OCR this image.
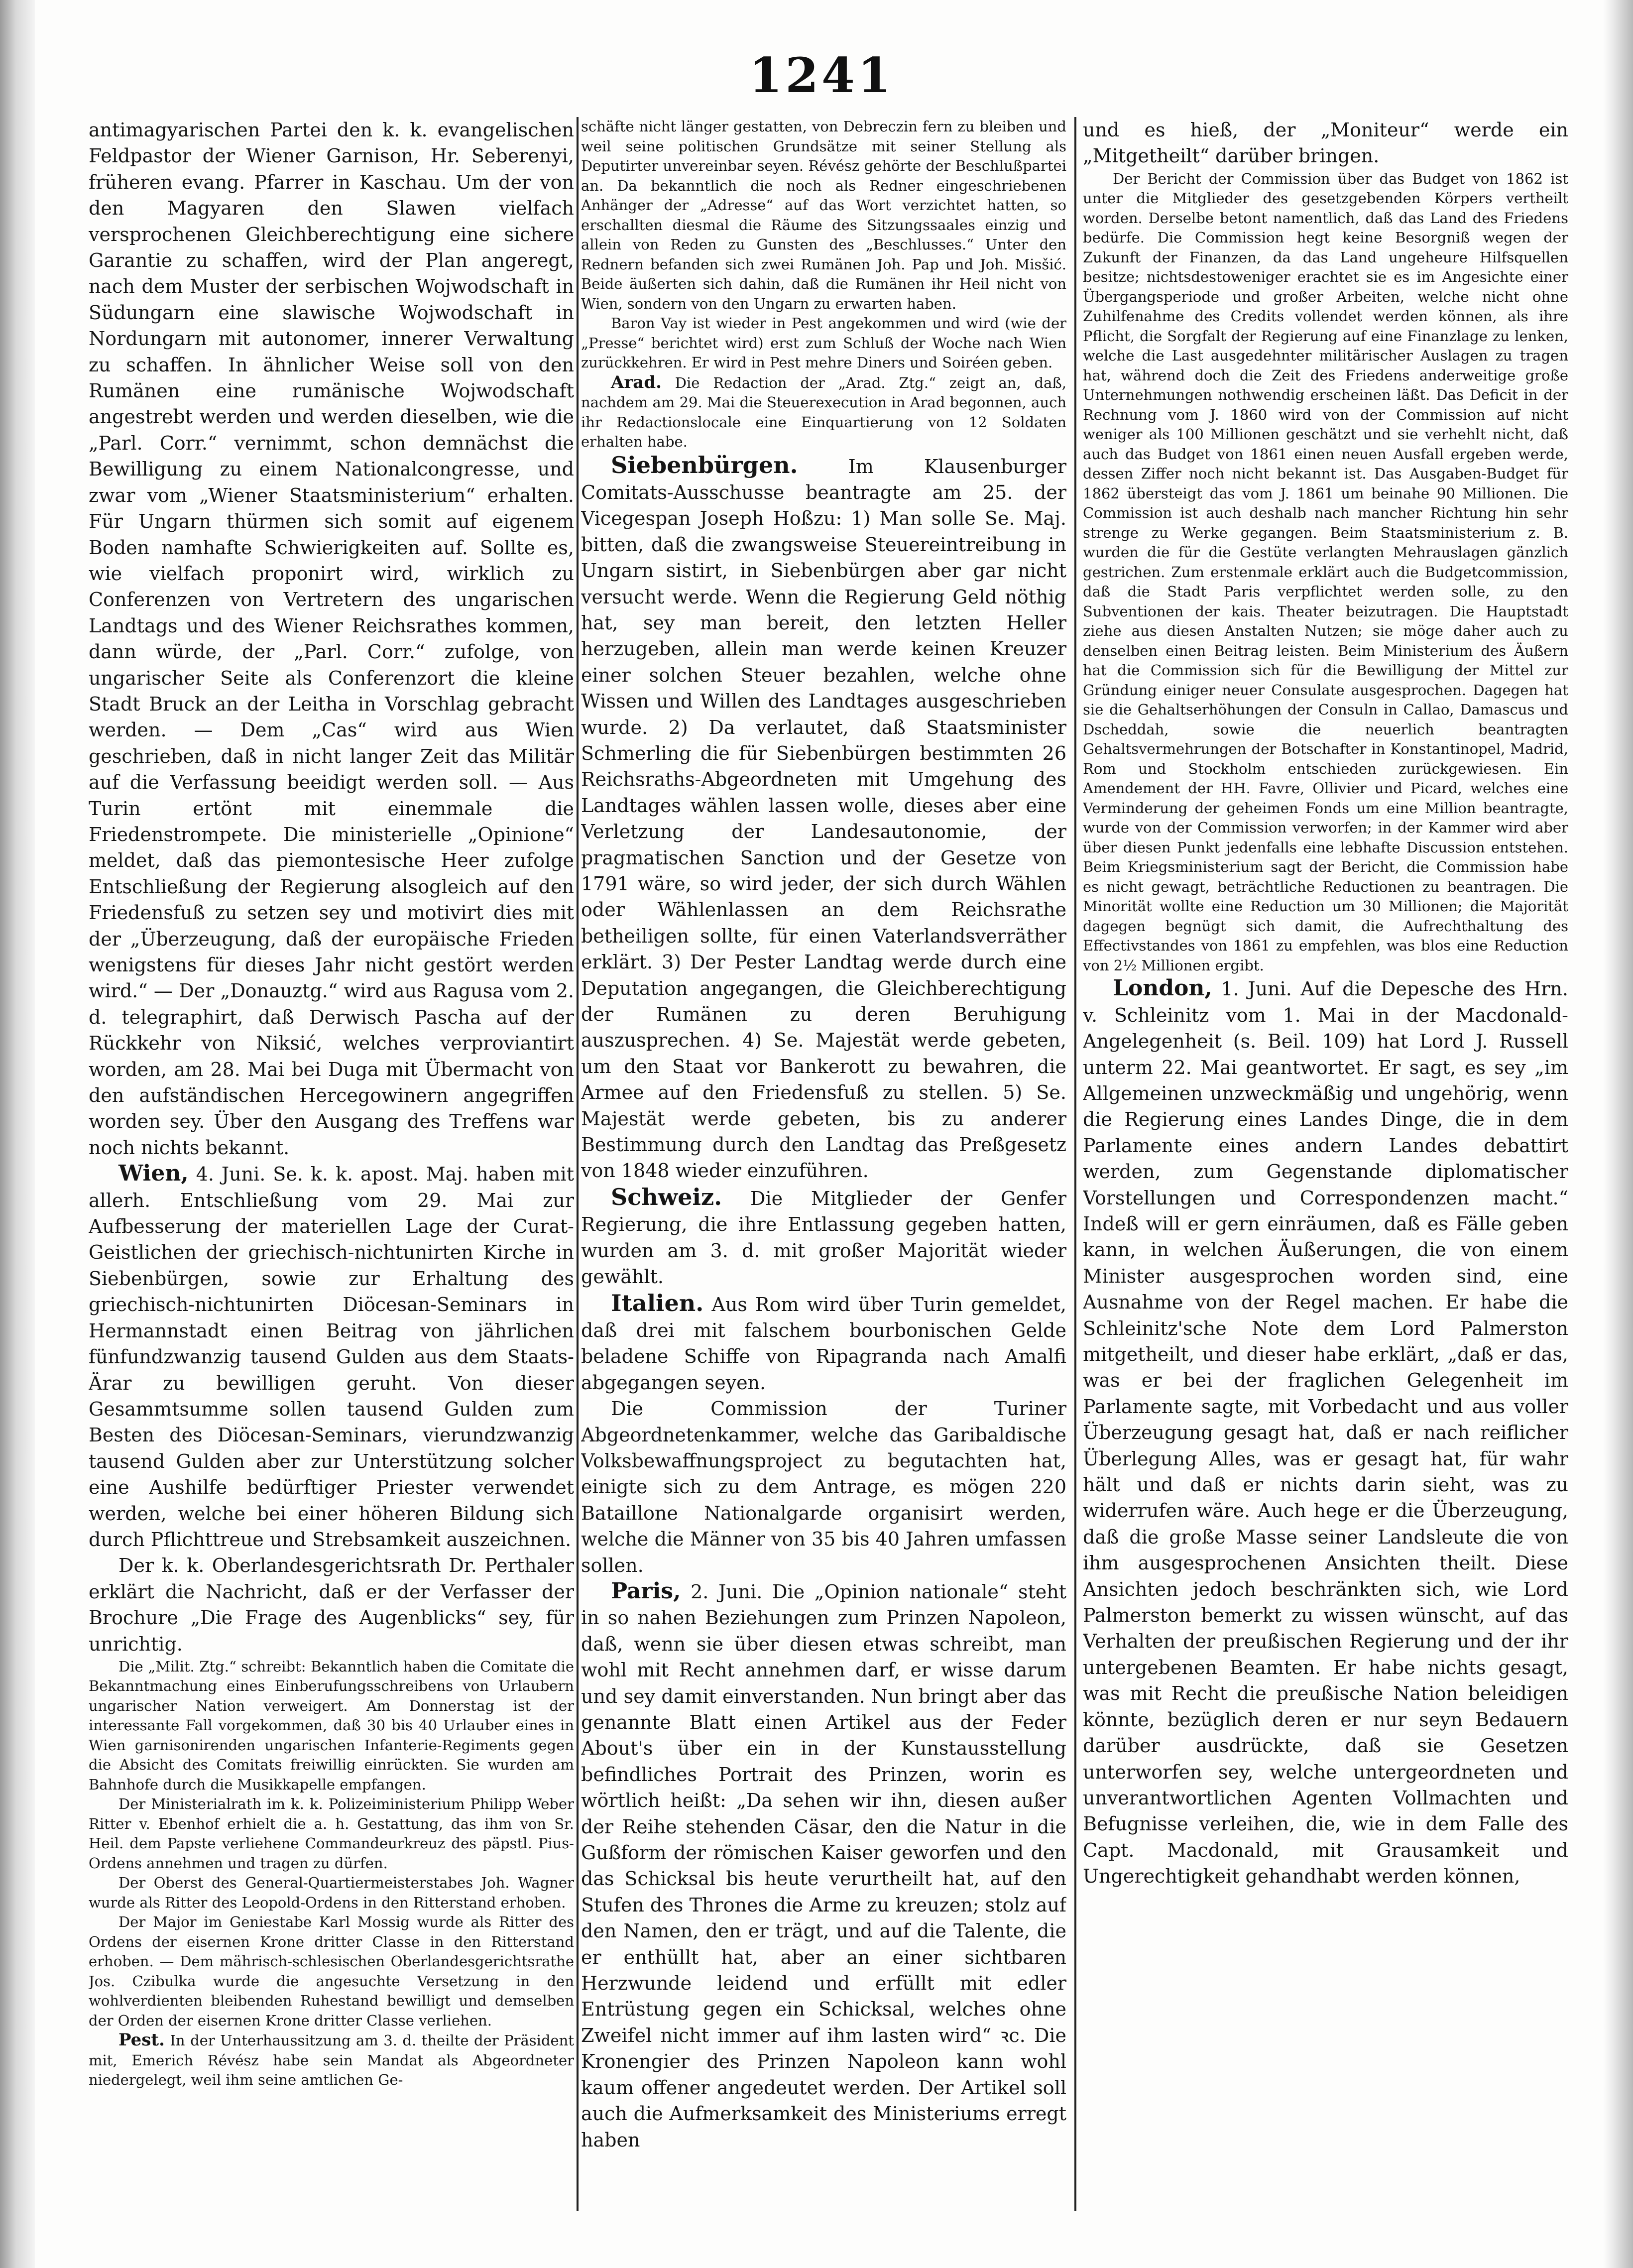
1241

antimagyarischen Partei den k. k. evangelischen Feldpastor der Wiener Garnison, Hr. Seberenyi, früheren evang. Pfarrer in Kaschau. Um der von den Magyaren den Slawen vielfach versprochenen Gleichberechtigung eine sichere Garantie zu schaffen, wird der Plan angeregt, nach dem Muster der serbischen Wojwodschaft in Südungarn eine slawische Wojwodschaft in Nordungarn mit autonomer, innerer Verwaltung zu schaffen. In ähnlicher Weise soll von den Rumänen eine rumänische Wojwodschaft angestrebt werden und werden dieselben, wie die „Parl. Corr.“ vernimmt, schon demnächst die Bewilligung zu einem Nationalcongresse, und zwar vom „Wiener Staatsministerium“ erhalten. Für Ungarn thürmen sich somit auf eigenem Boden namhafte Schwierigkeiten auf. Sollte es, wie vielfach proponirt wird, wirklich zu Conferenzen von Vertretern des ungarischen Landtags und des Wiener Reichsrathes kommen, dann würde, der „Parl. Corr.“ zufolge, von ungarischer Seite als Conferenzort die kleine Stadt Bruck an der Leitha in Vorschlag gebracht werden. — Dem „Cas“ wird aus Wien geschrieben, daß in nicht langer Zeit das Militär auf die Verfassung beeidigt werden soll. — Aus Turin ertönt mit einemmale die Friedenstrompete. Die ministerielle „Opinione“ meldet, daß das piemontesische Heer zufolge Entschließung der Regierung alsogleich auf den Friedensfuß zu setzen sey und motivirt dies mit der „Überzeugung, daß der europäische Frieden wenigstens für dieses Jahr nicht gestört werden wird.“ — Der „Donauztg.“ wird aus Ragusa vom 2. d. telegraphirt, daß Derwisch Pascha auf der Rückkehr von Niksić, welches verproviantirt worden, am 28. Mai bei Duga mit Übermacht von den aufständischen Hercegowinern angegriffen worden sey. Über den Ausgang des Treffens war noch nichts bekannt.

Wien, 4. Juni. Se. k. k. apost. Maj. haben mit allerh. Entschließung vom 29. Mai zur Aufbesserung der materiellen Lage der Curat-Geistlichen der griechisch-nichtunirten Kirche in Siebenbürgen, sowie zur Erhaltung des griechisch-nichtunirten Diöcesan-Seminars in Hermannstadt einen Beitrag von jährlichen fünfundzwanzig tausend Gulden aus dem Staats-Ärar zu bewilligen geruht. Von dieser Gesammtsumme sollen tausend Gulden zum Besten des Diöcesan-Seminars, vierundzwanzig tausend Gulden aber zur Unterstützung solcher eine Aushilfe bedürftiger Priester verwendet werden, welche bei einer höheren Bildung sich durch Pflichttreue und Strebsamkeit auszeichnen.

Der k. k. Oberlandesgerichtsrath Dr. Perthaler erklärt die Nachricht, daß er der Verfasser der Brochure „Die Frage des Augenblicks“ sey, für unrichtig.

Die „Milit. Ztg.“ schreibt: Bekanntlich haben die Comitate die Bekanntmachung eines Einberufungsschreibens von Urlaubern ungarischer Nation verweigert. Am Donnerstag ist der interessante Fall vorgekommen, daß 30 bis 40 Urlauber eines in Wien garnisonirenden ungarischen Infanterie-Regiments gegen die Absicht des Comitats freiwillig einrückten. Sie wurden am Bahnhofe durch die Musikkapelle empfangen.

Der Ministerialrath im k. k. Polizeiministerium Philipp Weber Ritter v. Ebenhof erhielt die a. h. Gestattung, das ihm von Sr. Heil. dem Papste verliehene Commandeurkreuz des päpstl. Pius-Ordens annehmen und tragen zu dürfen.

Der Oberst des General-Quartiermeisterstabes Joh. Wagner wurde als Ritter des Leopold-Ordens in den Ritterstand erhoben.

Der Major im Geniestabe Karl Mossig wurde als Ritter des Ordens der eisernen Krone dritter Classe in den Ritterstand erhoben. — Dem mährisch-schlesischen Oberlandesgerichtsrathe Jos. Czibulka wurde die angesuchte Versetzung in den wohlverdienten bleibenden Ruhestand bewilligt und demselben der Orden der eisernen Krone dritter Classe verliehen.

Pest. In der Unterhaussitzung am 3. d. theilte der Präsident mit, Emerich Révész habe sein Mandat als Abgeordneter niedergelegt, weil ihm seine amtlichen Ge-

schäfte nicht länger gestatten, von Debreczin fern zu bleiben und weil seine politischen Grundsätze mit seiner Stellung als Deputirter unvereinbar seyen. Révész gehörte der Beschlußpartei an. Da bekanntlich die noch als Redner eingeschriebenen Anhänger der „Adresse“ auf das Wort verzichtet hatten, so erschallten diesmal die Räume des Sitzungssaales einzig und allein von Reden zu Gunsten des „Beschlusses.“ Unter den Rednern befanden sich zwei Rumänen Joh. Pap und Joh. Misšić. Beide äußerten sich dahin, daß die Rumänen ihr Heil nicht von Wien, sondern von den Ungarn zu erwarten haben.

Baron Vay ist wieder in Pest angekommen und wird (wie der „Presse“ berichtet wird) erst zum Schluß der Woche nach Wien zurückkehren. Er wird in Pest mehre Diners und Soiréen geben.

Arad. Die Redaction der „Arad. Ztg.“ zeigt an, daß, nachdem am 29. Mai die Steuerexecution in Arad begonnen, auch ihr Redactionslocale eine Einquartierung von 12 Soldaten erhalten habe.

Siebenbürgen.	Im Klausenburger Comitats-Ausschusse beantragte am 25. der Vicegespan Joseph Hoßzu: 1) Man solle Se. Maj. bitten, daß die zwangsweise Steuereintreibung in Ungarn sistirt, in Siebenbürgen aber gar nicht versucht werde. Wenn die Regierung Geld nöthig hat, sey man bereit, den letzten Heller herzugeben, allein man werde keinen Kreuzer einer solchen Steuer bezahlen, welche ohne Wissen und Willen des Landtages ausgeschrieben wurde. 2) Da verlautet, daß Staatsminister Schmerling die für Siebenbürgen bestimmten 26 Reichsraths-Abgeordneten mit Umgehung des Landtages wählen lassen wolle, dieses aber eine Verletzung der Landesautonomie, der pragmatischen Sanction und der Gesetze von 1791 wäre, so wird jeder, der sich durch Wählen oder Wählenlassen an dem Reichsrathe betheiligen sollte, für einen Vaterlandsverräther erklärt. 3) Der Pester Landtag werde durch eine Deputation angegangen, die Gleichberechtigung der Rumänen zu deren Beruhigung auszusprechen. 4) Se. Majestät werde gebeten, um den Staat vor Bankerott zu bewahren, die Armee auf den Friedensfuß zu stellen. 5) Se. Majestät werde gebeten, bis zu anderer Bestimmung durch den Landtag das Preßgesetz von 1848 wieder einzuführen.

Schweiz. Die Mitglieder der Genfer Regierung, die ihre Entlassung gegeben hatten, wurden am 3. d. mit großer Majorität wieder gewählt.

Italien. Aus Rom wird über Turin gemeldet, daß drei mit falschem bourbonischen Gelde beladene Schiffe von Ripagranda nach Amalfi abgegangen seyen.

Die Commission der Turiner Abgeordnetenkammer, welche das Garibaldische Volksbewaffnungsproject zu begutachten hat, einigte sich zu dem Antrage, es mögen 220 Bataillone Nationalgarde organisirt werden, welche die Männer von 35 bis 40 Jahren umfassen sollen.

Paris, 2. Juni. Die „Opinion nationale“ steht in so nahen Beziehungen zum Prinzen Napoleon, daß, wenn sie über diesen etwas schreibt, man wohl mit Recht annehmen darf, er wisse darum und sey damit einverstanden. Nun bringt aber das genannte Blatt einen Artikel aus der Feder About's über ein in der Kunstausstellung befindliches Portrait des Prinzen, worin es wörtlich heißt: „Da sehen wir ihn, diesen außer der Reihe stehenden Cäsar, den die Natur in die Gußform der römischen Kaiser geworfen und den das Schicksal bis heute verurtheilt hat, auf den Stufen des Thrones die Arme zu kreuzen; stolz auf den Namen, den er trägt, und auf die Talente, die er enthüllt hat, aber an einer sichtbaren Herzwunde leidend und erfüllt mit edler Entrüstung gegen ein Schicksal, welches ohne Zweifel nicht immer auf ihm lasten wird“ ꝛc. Die Kronengier des Prinzen Napoleon kann wohl kaum offener angedeutet werden. Der Artikel soll auch die Aufmerksamkeit des Ministeriums erregt haben

und es hieß, der „Moniteur“ werde ein „Mitgetheilt“ darüber bringen.

Der Bericht der Commission über das Budget von 1862 ist unter die Mitglieder des gesetzgebenden Körpers vertheilt worden. Derselbe betont namentlich, daß das Land des Friedens bedürfe. Die Commission hegt keine Besorgniß wegen der Zukunft der Finanzen, da das Land ungeheure Hilfsquellen besitze; nichtsdestoweniger erachtet sie es im Angesichte einer Übergangsperiode und großer Arbeiten, welche nicht ohne Zuhilfenahme des Credits vollendet werden können, als ihre Pflicht, die Sorgfalt der Regierung auf eine Finanzlage zu lenken, welche die Last ausgedehnter militärischer Auslagen zu tragen hat, während doch die Zeit des Friedens anderweitige große Unternehmungen nothwendig erscheinen läßt. Das Deficit in der Rechnung vom J. 1860 wird von der Commission auf nicht weniger als 100 Millionen geschätzt und sie verhehlt nicht, daß auch das Budget von 1861 einen neuen Ausfall ergeben werde, dessen Ziffer noch nicht bekannt ist. Das Ausgaben-Budget für 1862 übersteigt das vom J. 1861 um beinahe 90 Millionen. Die Commission ist auch deshalb nach mancher Richtung hin sehr strenge zu Werke gegangen. Beim Staatsministerium z. B. wurden die für die Gestüte verlangten Mehrauslagen gänzlich gestrichen. Zum erstenmale erklärt auch die Budgetcommission, daß die Stadt Paris verpflichtet werden solle, zu den Subventionen der kais. Theater beizutragen. Die Hauptstadt ziehe aus diesen Anstalten Nutzen; sie möge daher auch zu denselben einen Beitrag leisten. Beim Ministerium des Äußern hat die Commission sich für die Bewilligung der Mittel zur Gründung einiger neuer Consulate ausgesprochen. Dagegen hat sie die Gehaltserhöhungen der Consuln in Callao, Damascus und Dscheddah, sowie die neuerlich beantragten Gehaltsvermehrungen der Botschafter in Konstantinopel, Madrid, Rom und Stockholm entschieden zurückgewiesen. Ein Amendement der HH. Favre, Ollivier und Picard, welches eine Verminderung der geheimen Fonds um eine Million beantragte, wurde von der Commission verworfen; in der Kammer wird aber über diesen Punkt jedenfalls eine lebhafte Discussion entstehen. Beim Kriegsministerium sagt der Bericht, die Commission habe es nicht gewagt, beträchtliche Reductionen zu beantragen. Die Minorität wollte eine Reduction um 30 Millionen; die Majorität dagegen begnügt sich damit, die Aufrechthaltung des Effectivstandes von 1861 zu empfehlen, was blos eine Reduction von 2½ Millionen ergibt.

London, 1. Juni. Auf die Depesche des Hrn. v. Schleinitz vom 1. Mai in der Macdonald-Angelegenheit (s. Beil. 109) hat Lord J. Russell unterm 22. Mai geantwortet. Er sagt, es sey „im Allgemeinen unzweckmäßig und ungehörig, wenn die Regierung eines Landes Dinge, die in dem Parlamente eines andern Landes debattirt werden, zum Gegenstande diplomatischer Vorstellungen und Correspondenzen macht.“ Indeß will er gern einräumen, daß es Fälle geben kann, in welchen Äußerungen, die von einem Minister ausgesprochen worden sind, eine Ausnahme von der Regel machen. Er habe die Schleinitz'sche Note dem Lord Palmerston mitgetheilt, und dieser habe erklärt, „daß er das, was er bei der fraglichen Gelegenheit im Parlamente sagte, mit Vorbedacht und aus voller Überzeugung gesagt hat, daß er nach reiflicher Überlegung Alles, was er gesagt hat, für wahr hält und daß er nichts darin sieht, was zu widerrufen wäre. Auch hege er die Überzeugung, daß die große Masse seiner Landsleute die von ihm ausgesprochenen Ansichten theilt. Diese Ansichten jedoch beschränkten sich, wie Lord Palmerston bemerkt zu wissen wünscht, auf das Verhalten der preußischen Regierung und der ihr untergebenen Beamten. Er habe nichts gesagt, was mit Recht die preußische Nation beleidigen könnte, bezüglich deren er nur seyn Bedauern darüber ausdrückte, daß sie Gesetzen unterworfen sey, welche untergeordneten und unverantwortlichen Agenten Vollmachten und Befugnisse verleihen, die, wie in dem Falle des Capt. Macdonald, mit Grausamkeit und Ungerechtigkeit gehandhabt werden können,
